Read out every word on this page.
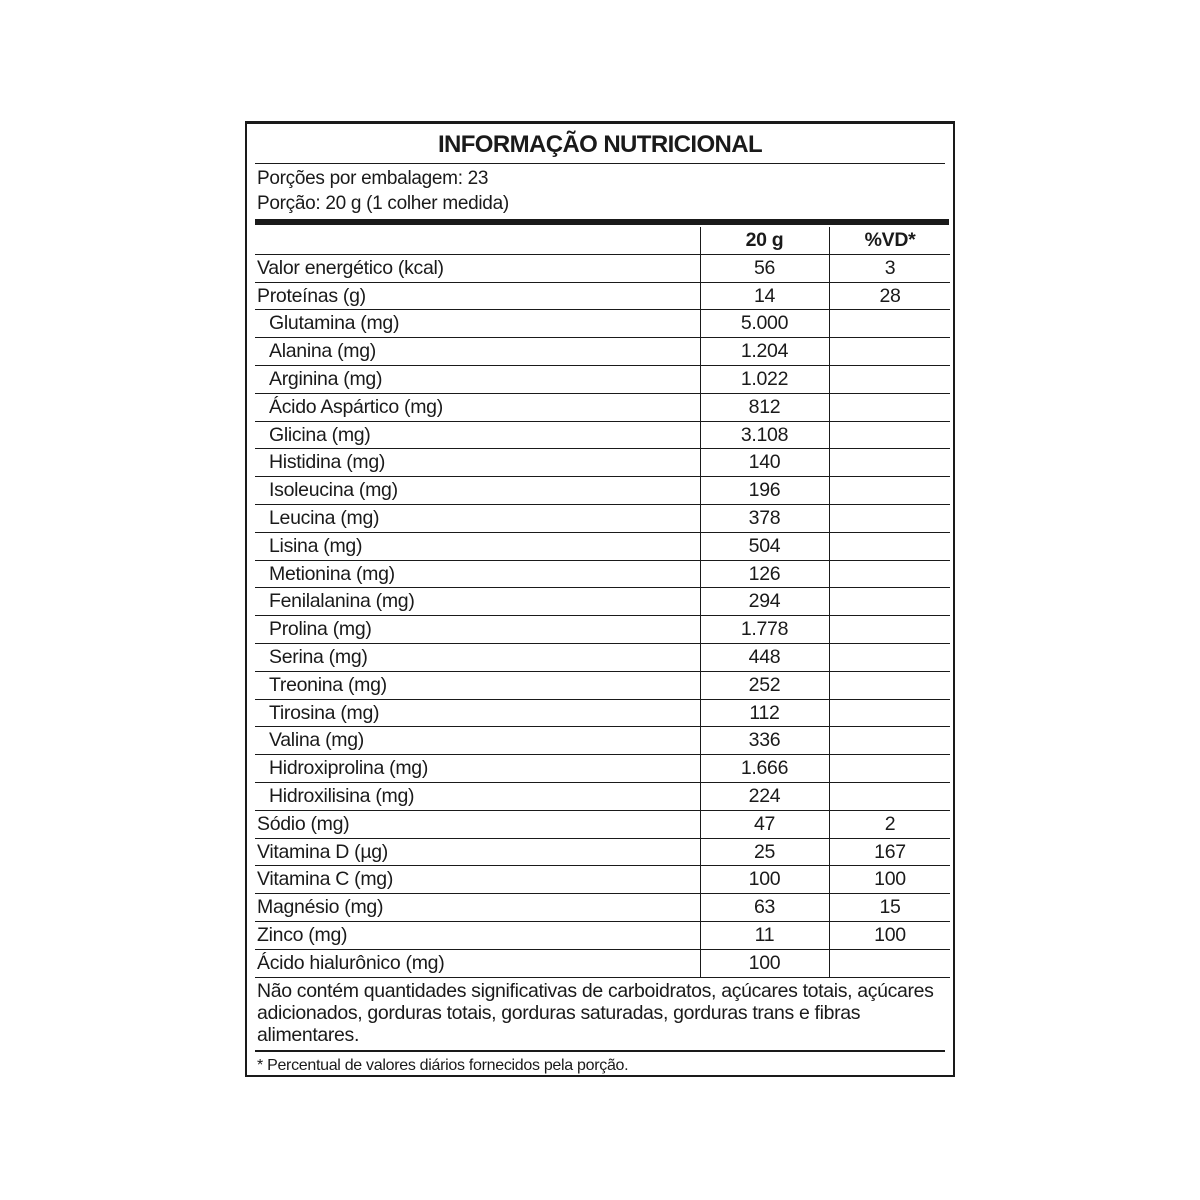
INFORMAÇÃO NUTRICIONAL
Porções por embalagem: 23
Porção: 20 g (1 colher medida)
20 g	%VD*
Valor energético (kcal)	56	3
Proteínas (g)	14	28
Glutamina (mg)	5.000
Alanina (mg)	1.204
Arginina (mg)	1.022
Ácido Aspártico (mg)	812
Glicina (mg)	3.108
Histidina (mg)	140
Isoleucina (mg)	196
Leucina (mg)	378
Lisina (mg)	504
Metionina (mg)	126
Fenilalanina (mg)	294
Prolina (mg)	1.778
Serina (mg)	448
Treonina (mg)	252
Tirosina (mg)	112
Valina (mg)	336
Hidroxiprolina (mg)	1.666
Hidroxilisina (mg)	224
Sódio (mg)	47	2
Vitamina D (µg)	25	167
Vitamina C (mg)	100	100
Magnésio (mg)	63	15
Zinco (mg)	11	100
Ácido hialurônico (mg)	100
Não contém quantidades significativas de carboidratos, açúcares totais, açúcares adicionados, gorduras totais, gorduras saturadas, gorduras trans e fibras alimentares.
* Percentual de valores diários fornecidos pela porção.
